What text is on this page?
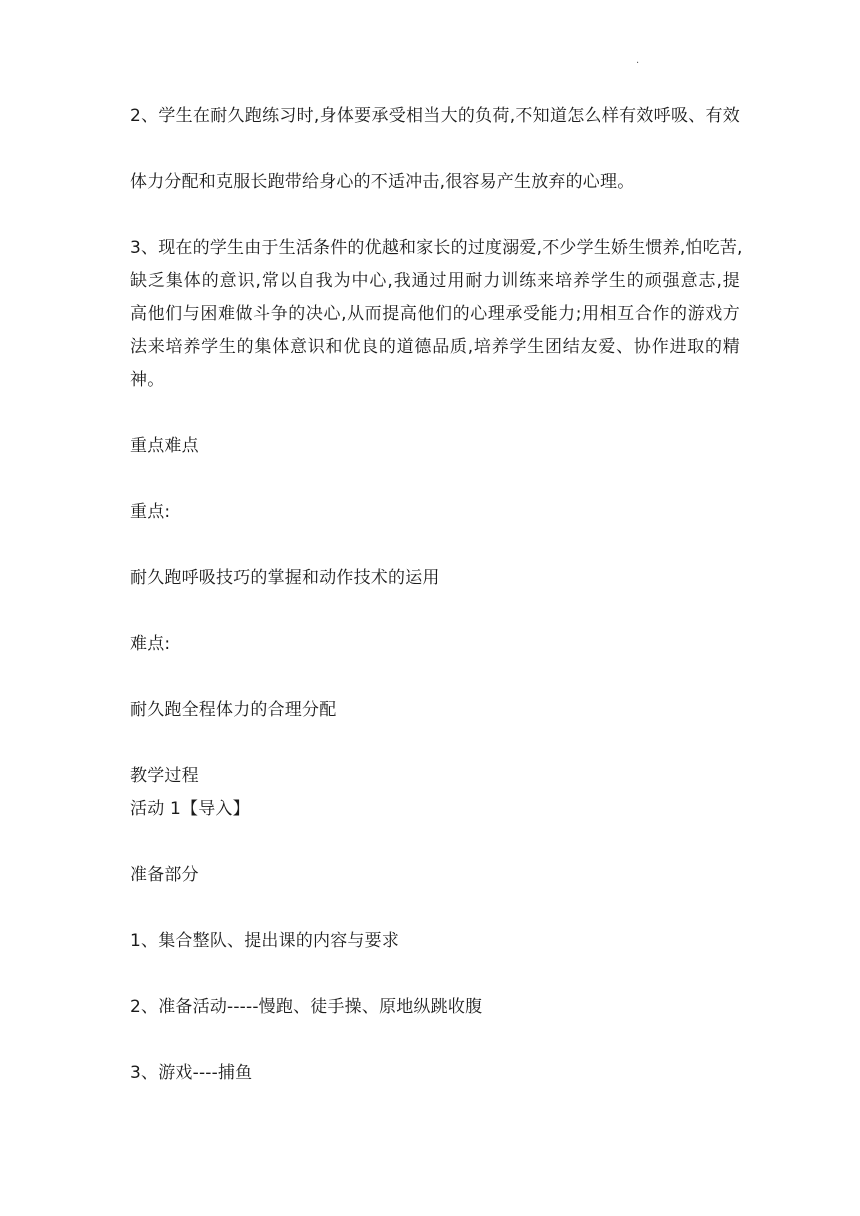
.
2、学生在耐久跑练习时,身体要承受相当大的负荷,不知道怎么样有效呼吸、有效
体力分配和克服长跑带给身心的不适冲击,很容易产生放弃的心理。
3、现在的学生由于生活条件的优越和家长的过度溺爱,不少学生娇生惯养,怕吃苦,
缺乏集体的意识,常以自我为中心,我通过用耐力训练来培养学生的顽强意志,提
高他们与困难做斗争的决心,从而提高他们的心理承受能力;用相互合作的游戏方
法来培养学生的集体意识和优良的道德品质,培养学生团结友爱、协作进取的精
神。
重点难点
重点:
耐久跑呼吸技巧的掌握和动作技术的运用
难点:
耐久跑全程体力的合理分配
教学过程
活动 1【导入】
准备部分
1、集合整队、提出课的内容与要求
2、准备活动-----慢跑、徒手操、原地纵跳收腹
3、游戏----捕鱼
